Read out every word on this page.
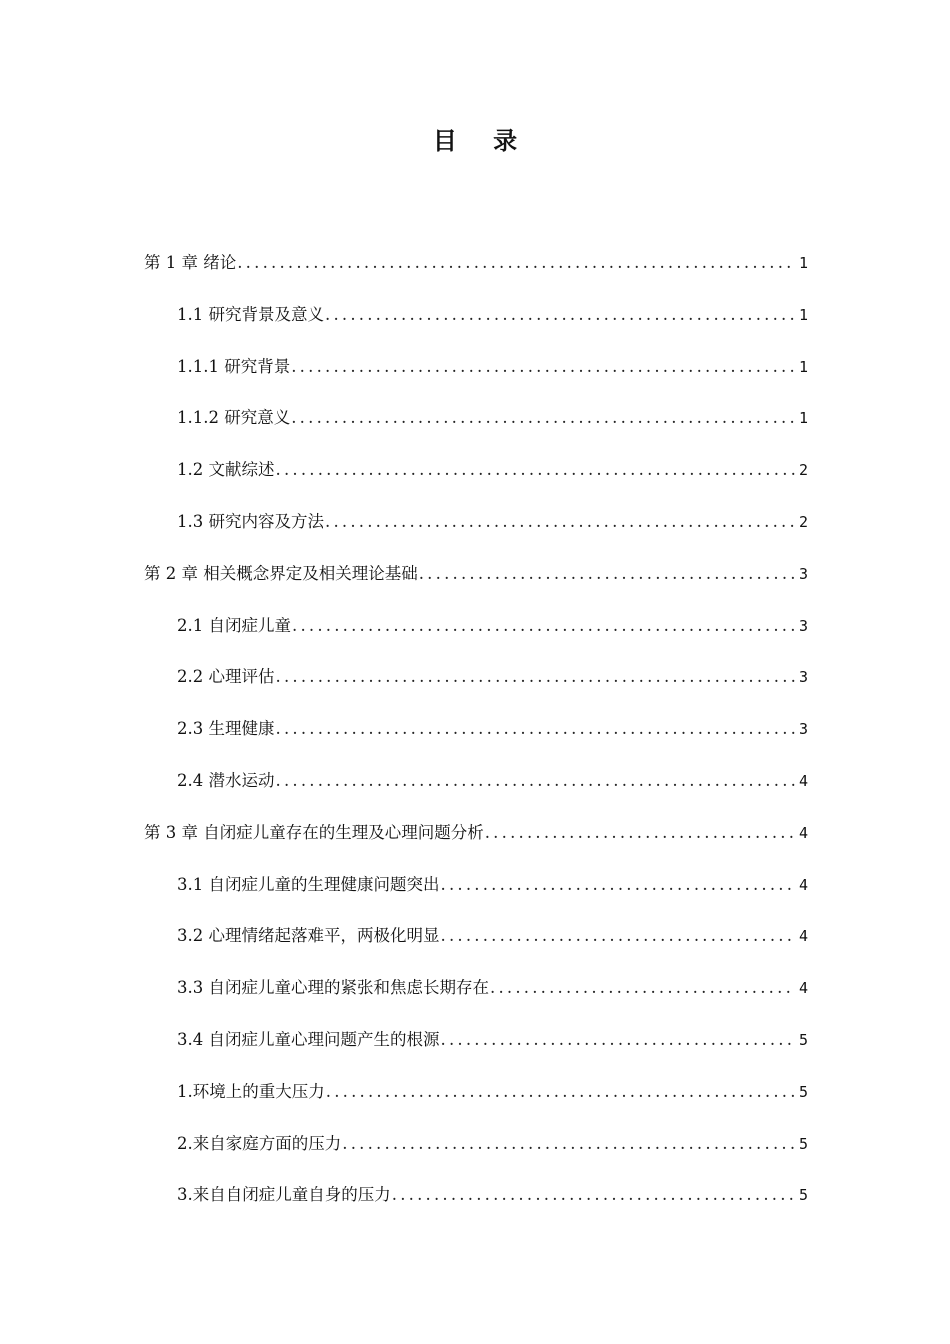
目 录
第 1 章 绪论 .....	1
1.1 研究背景及意义 .....	1
1.1.1 研究背景 .....	1
1.1.2 研究意义 .....	1
1.2 文献综述 .....	2
1.3 研究内容及方法 .....	2
第 2 章 相关概念界定及相关理论基础 .....	3
2.1 自闭症儿童 .....	3
2.2 心理评估 .....	3
2.3 生理健康 .....	3
2.4 潜水运动 .....	4
第 3 章 自闭症儿童存在的生理及心理问题分析 .....	4
3.1 自闭症儿童的生理健康问题突出 .....	4
3.2 心理情绪起落难平，两极化明显 .....	4
3.3 自闭症儿童心理的紧张和焦虑长期存在 .....	4
3.4 自闭症儿童心理问题产生的根源 .....	5
1.环境上的重大压力 .....	5
2.来自家庭方面的压力 .....	5
3.来自自闭症儿童自身的压力 .....	5
